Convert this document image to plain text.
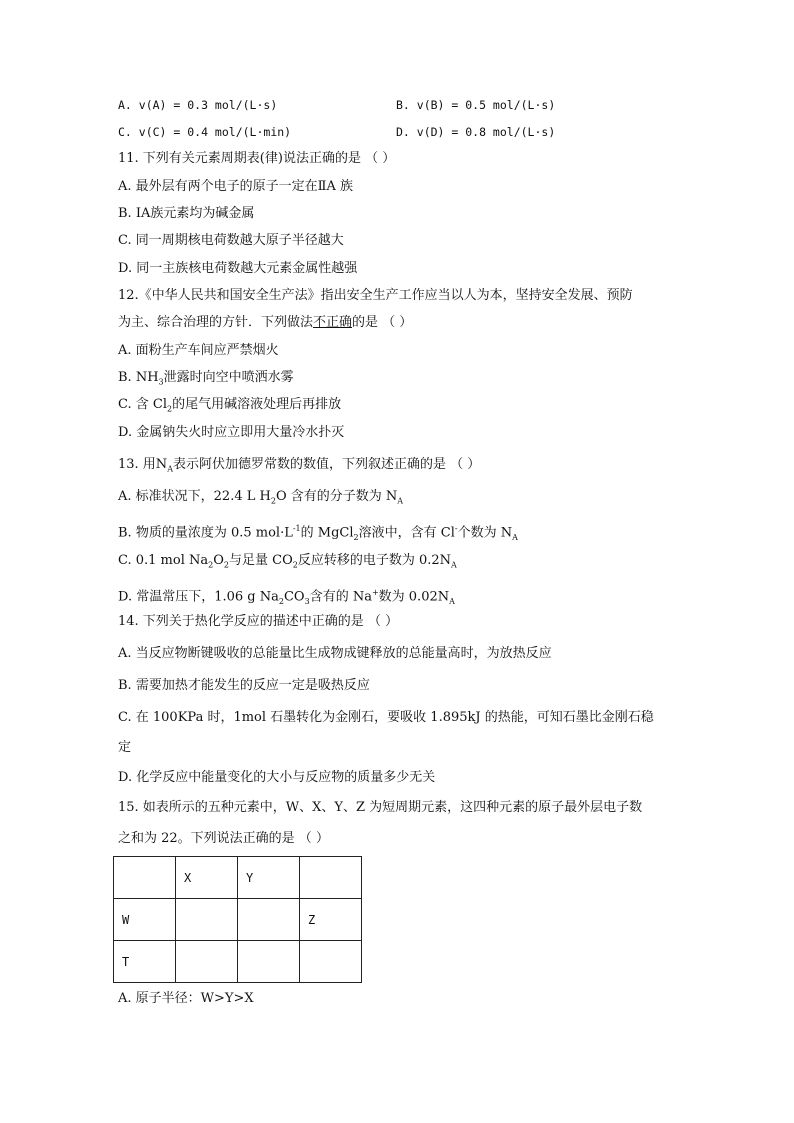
A. v(A) = 0.3 mol/(L·s)	B. v(B) = 0.5 mol/(L·s)
C. v(C) = 0.4 mol/(L·min)	D. v(D) = 0.8 mol/(L·s)
11. 下列有关元素周期表(律)说法正确的是 （ ）
A. 最外层有两个电子的原子一定在ⅡA 族
B. IA族元素均为碱金属
C. 同一周期核电荷数越大原子半径越大
D. 同一主族核电荷数越大元素金属性越强
12.《中华人民共和国安全生产法》指出安全生产工作应当以人为本，坚持安全发展、预防
为主、综合治理的方针．下列做法不正确的是 （ ）
A. 面粉生产车间应严禁烟火
B. $NH_3$泄露时向空中喷洒水雾
C. 含 $Cl_2$的尾气用碱溶液处理后再排放
D. 金属钠失火时应立即用大量冷水扑灭
13. 用$N_A$表示阿伏加德罗常数的数值，下列叙述正确的是 （ ）
A. 标准状况下，22.4 L $H_2O$ 含有的分子数为 $N_A$
B. 物质的量浓度为 0.5 $mol\cdot L^{-1}$的 MgCl$_2$溶液中，含有 Cl-个数为 $N_A$
C. 0.1 mol $Na_2O_2$与足量 $CO_2$反应转移的电子数为 $0.2N_A$
D. 常温常压下，1.06 g $Na_2CO_3$含有的 Na+数为 $0.02N_A$
14. 下列关于热化学反应的描述中正确的是 （ ）
A. 当反应物断键吸收的总能量比生成物成键释放的总能量高时，为放热反应
B. 需要加热才能发生的反应一定是吸热反应
C. 在 100KPa 时，1mol 石墨转化为金刚石，要吸收 1.895kJ 的热能，可知石墨比金刚石稳
定
D. 化学反应中能量变化的大小与反应物的质量多少无关
15. 如表所示的五种元素中，W、X、Y、Z 为短周期元素，这四种元素的原子最外层电子数
之和为 22。下列说法正确的是 （ ）
	X	Y	
W			Z
T			
A. 原子半径：W>Y>X
